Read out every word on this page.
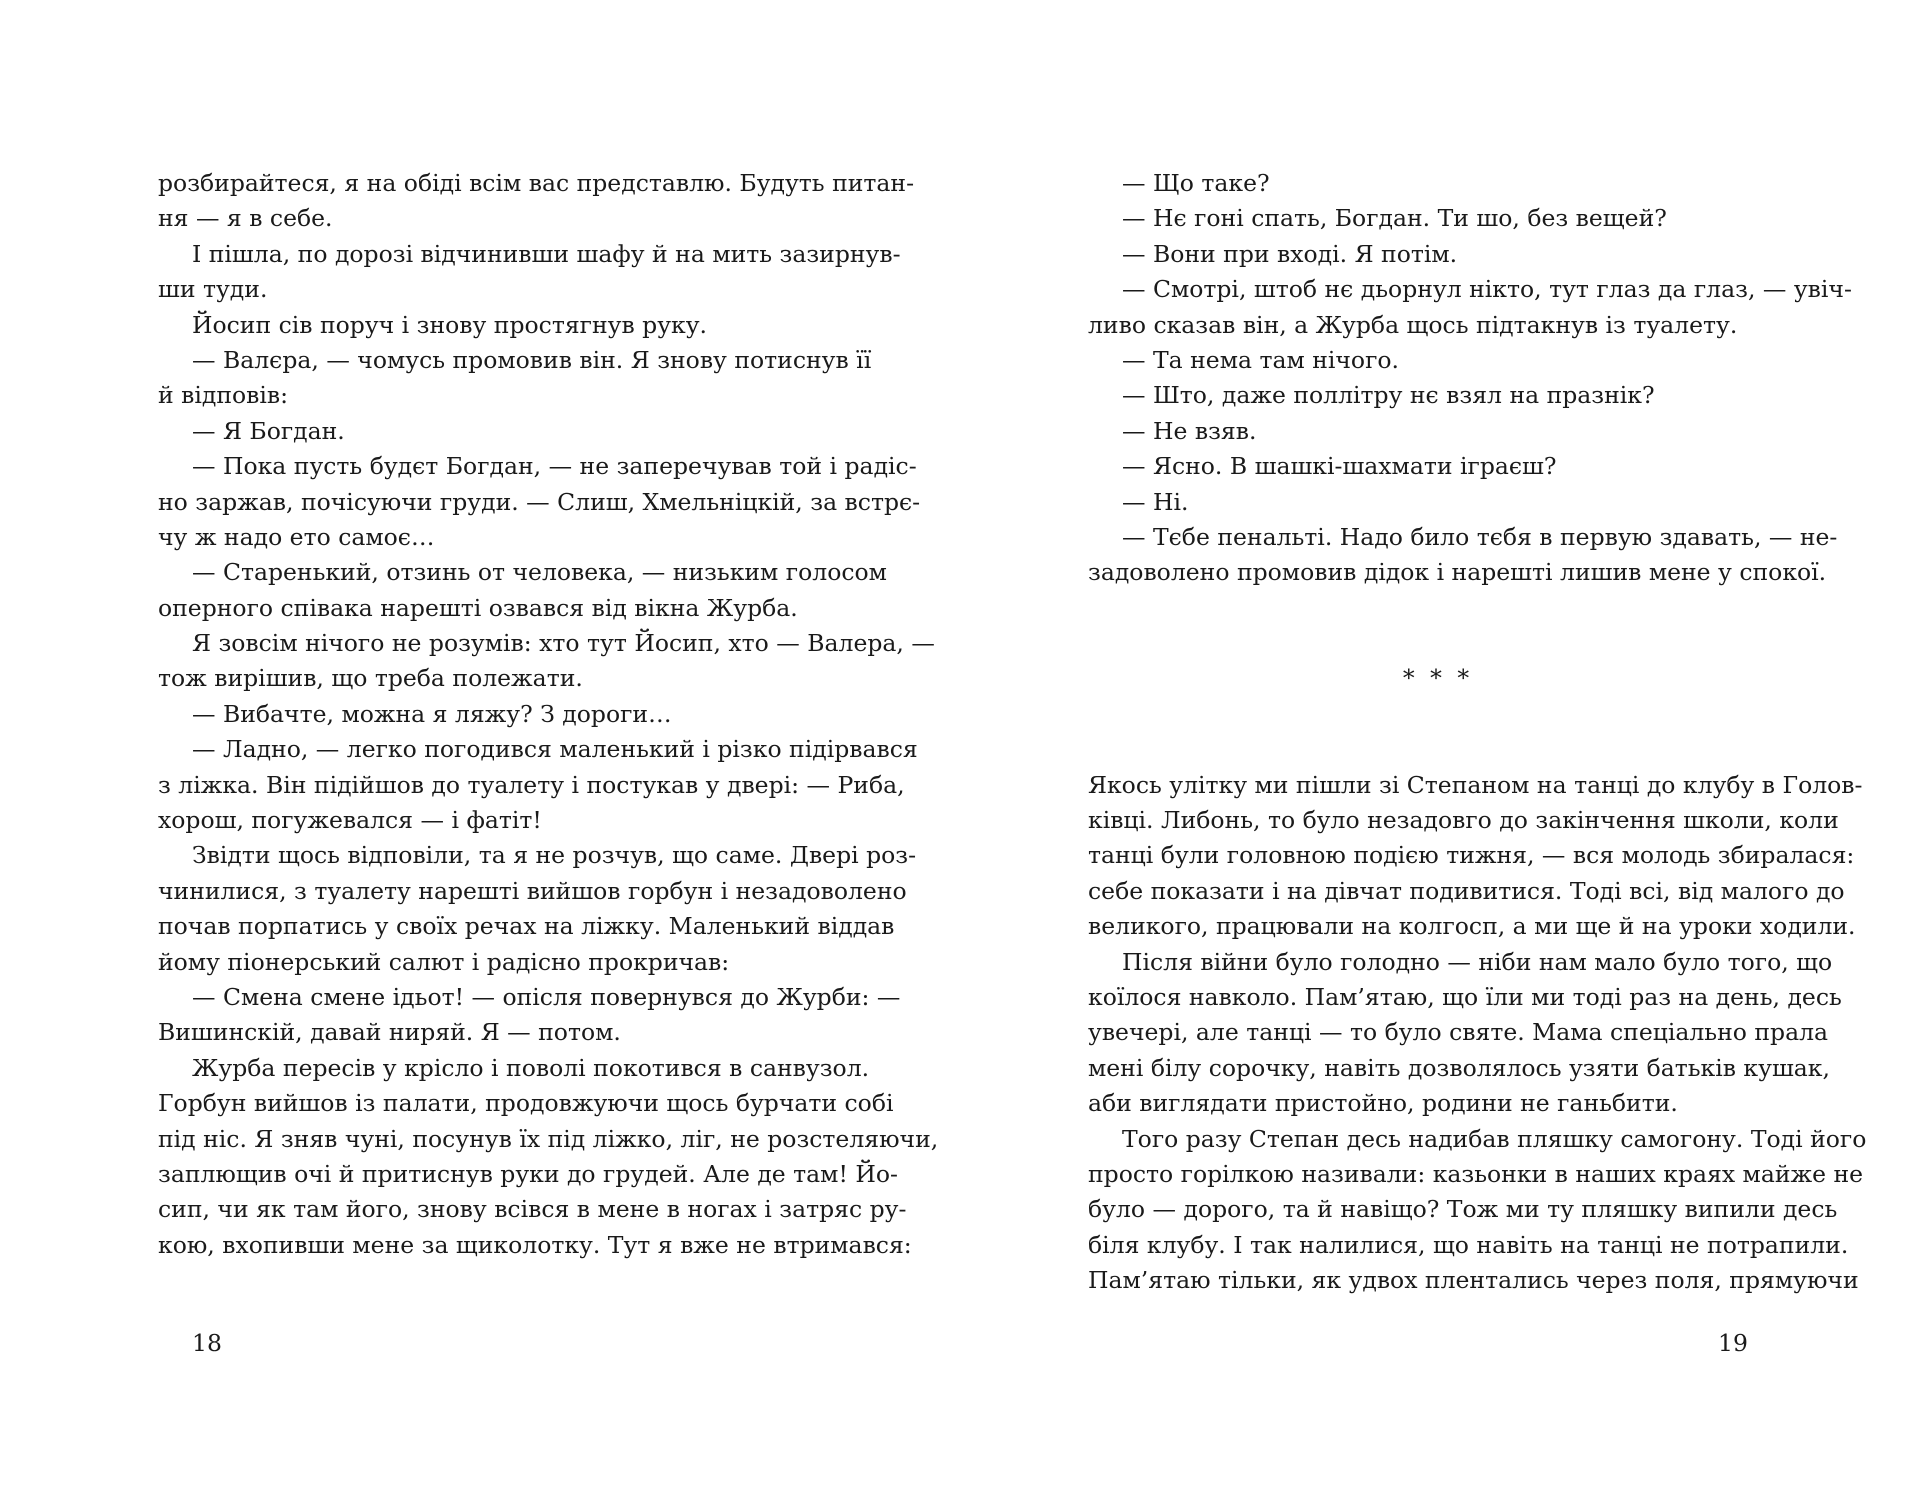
розбирайтеся, я на обіді всім вас представлю. Будуть питан-
ня — я в себе.
І пішла, по дорозі відчинивши шафу й на мить зазирнув-
ши туди.
Йосип сів поруч і знову простягнув руку.
— Валєра, — чомусь промовив він. Я знову потиснув її
й відповів:
— Я Богдан.
— Пока пусть будєт Богдан, — не заперечував той і радіс-
но заржав, почісуючи груди. — Слиш, Хмельніцкій, за встрє-
чу ж надо ето самоє…
— Старенький, отзинь от человека, — низьким голосом
оперного співака нарешті озвався від вікна Журба.
Я зовсім нічого не розумів: хто тут Йосип, хто — Валера, —
тож вирішив, що треба полежати.
— Вибачте, можна я ляжу? З дороги…
— Ладно, — легко погодився маленький і різко підірвався
з ліжка. Він підійшов до туалету і постукав у двері: — Риба,
хорош, погужевался — і фатіт!
Звідти щось відповіли, та я не розчув, що саме. Двері роз-
чинилися, з туалету нарешті вийшов горбун і незадоволено
почав порпатись у своїх речах на ліжку. Маленький віддав
йому піонерський салют і радісно прокричав:
— Смена смене ідьот! — опісля повернувся до Журби: —
Вишинскій, давай ниряй. Я — потом.
Журба пересів у крісло і поволі покотився в санвузол.
Горбун вийшов із палати, продовжуючи щось бурчати собі
під ніс. Я зняв чуні, посунув їх під ліжко, ліг, не розстеляючи,
заплющив очі й притиснув руки до грудей. Але де там! Йо-
сип, чи як там його, знову всівся в мене в ногах і затряс ру-
кою, вхопивши мене за щиколотку. Тут я вже не втримався:
— Що таке?
— Нє гоні спать, Богдан. Ти шо, без вещей?
— Вони при вході. Я потім.
— Смотрі, штоб нє дьорнул нікто, тут глаз да глаз, — увіч-
ливо сказав він, а Журба щось підтакнув із туалету.
— Та нема там нічого.
— Што, даже поллітру нє взял на празнік?
— Не взяв.
— Ясно. В шашкі-шахмати іграєш?
— Ні.
— Тєбе пенальті. Надо било тєбя в первую здавать, — не-
задоволено промовив дідок і нарешті лишив мене у спокої.
* * *
Якось улітку ми пішли зі Степаном на танці до клубу в Голов-
ківці. Либонь, то було незадовго до закінчення школи, коли
танці були головною подією тижня, — вся молодь збиралася:
себе показати і на дівчат подивитися. Тоді всі, від малого до
великого, працювали на колгосп, а ми ще й на уроки ходили.
Після війни було голодно — ніби нам мало було того, що
коїлося навколо. Пам’ятаю, що їли ми тоді раз на день, десь
увечері, але танці — то було святе. Мама спеціально прала
мені білу сорочку, навіть дозволялось узяти батьків кушак,
аби виглядати пристойно, родини не ганьбити.
Того разу Степан десь надибав пляшку самогону. Тоді його
просто горілкою називали: казьонки в наших краях майже не
було — дорого, та й навіщо? Тож ми ту пляшку випили десь
біля клубу. І так налилися, що навіть на танці не потрапили.
Пам’ятаю тільки, як удвох плентались через поля, прямуючи
18	19
